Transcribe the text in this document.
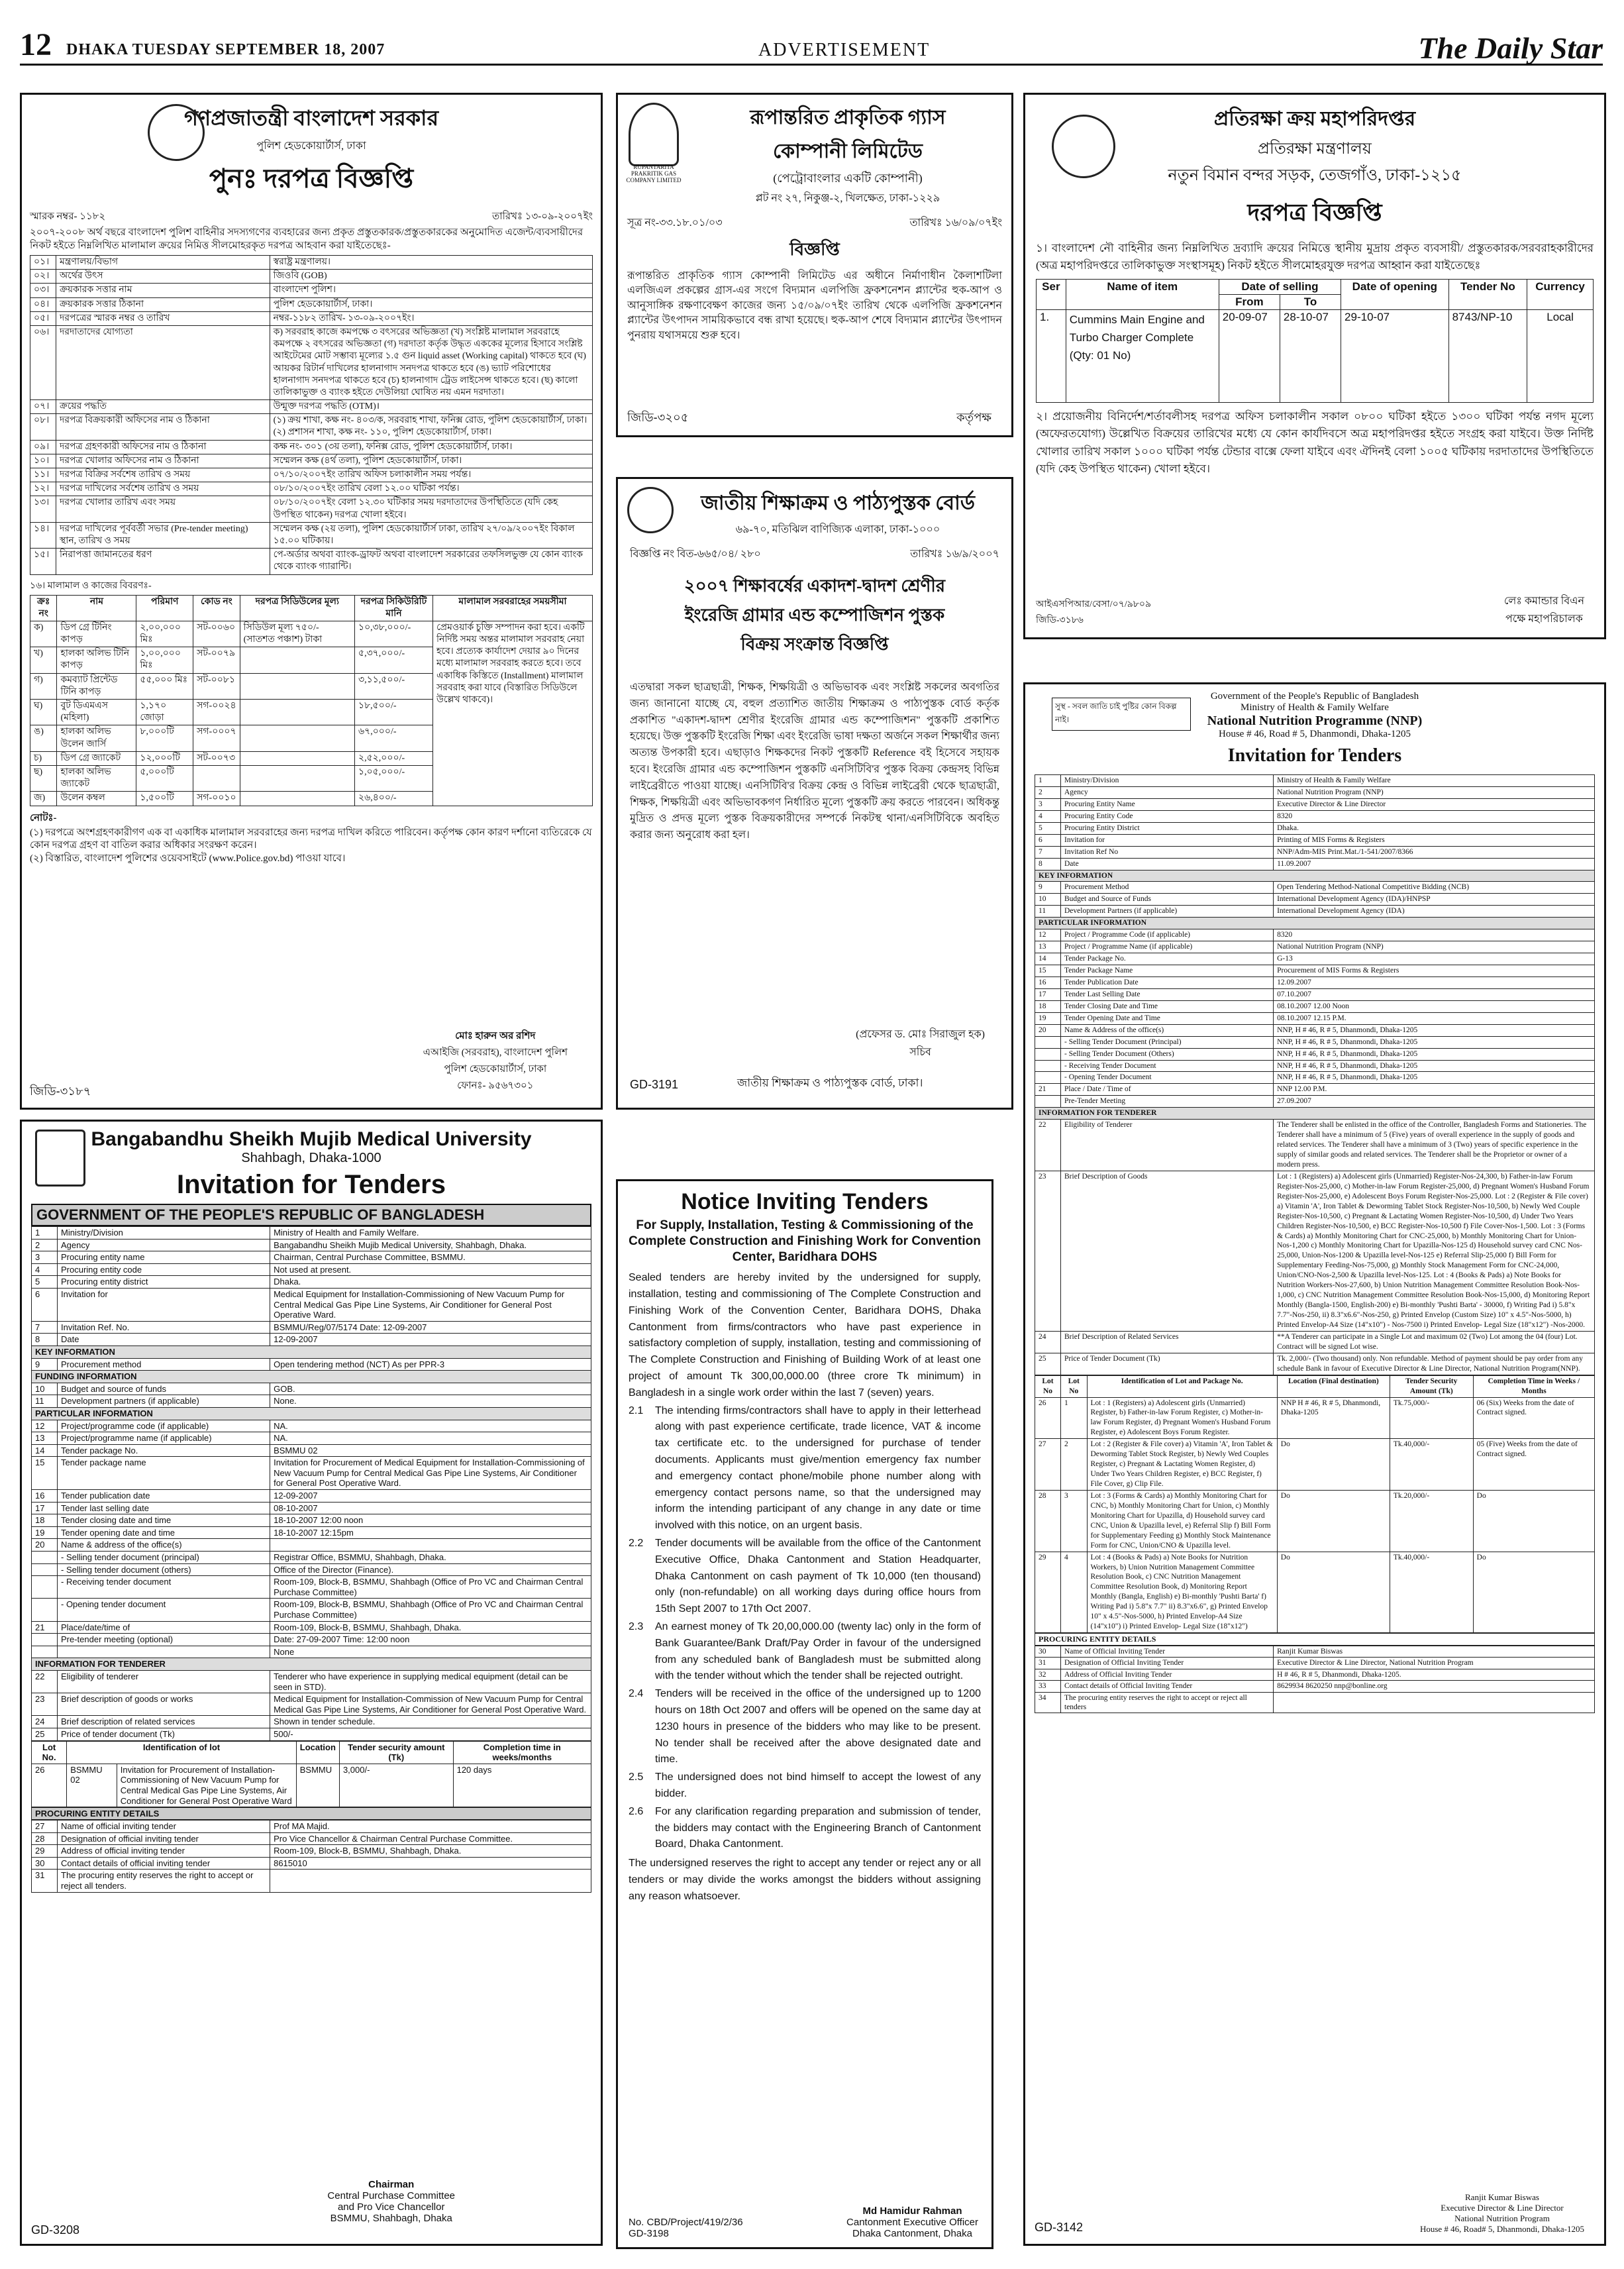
12 DHAKA TUESDAY SEPTEMBER 18, 2007	ADVERTISEMENT	The Daily Star
গণপ্রজাতন্ত্রী বাংলাদেশ সরকার
পুলিশ হেডকোয়ার্টার্স, ঢাকা
পুনঃ দরপত্র বিজ্ঞপ্তি
স্মারক নম্বর- ১১৮২	তারিখঃ ১৩-০৯-২০০৭ইং
২০০৭-২০০৮ অর্থ বছরে বাংলাদেশ পুলিশ বাহিনীর সদস্যগণের ব্যবহারের জন্য প্রকৃত প্রস্তুতকারক/প্রস্তুতকারকের অনুমোদিত এজেন্ট/ব্যবসায়ীদের নিকট হইতে নিম্নলিখিত মালামাল ক্রয়ের নিমিত্ত সীলমোহরকৃত দরপত্র আহবান করা যাইতেছেঃ-
০১।	মন্ত্রণালয়/বিভাগ	স্বরাষ্ট্র মন্ত্রণালয়।
০২।	অর্থের উৎস	জিওবি (GOB)
০৩।	ক্রয়কারক সত্তার নাম	বাংলাদেশ পুলিশ।
০৪।	ক্রয়কারক সত্তার ঠিকানা	পুলিশ হেডকোয়ার্টার্স, ঢাকা।
০৫।	দরপত্রের স্মারক নম্বর ও তারিখ	নম্বর-১১৮২ তারিখ- ১৩-০৯-২০০৭ইং।
০৬।	দরদাতাদের যোগ্যতা	ক) সরবরাহ কাজে কমপক্ষে ৩ বৎসরের অভিজ্ঞতা (খ) সংশ্লিষ্ট মালামাল সরবরাহে কমপক্ষে ২ বৎসরের অভিজ্ঞতা (গ) দরদাতা কর্তৃক উদ্ধৃত এককের মূল্যের হিসাবে সংশ্লিষ্ট আইটেমের মোট সম্ভাব্য মূল্যের ১.৫ গুন liquid asset (Working capital) থাকতে হবে (ঘ) আয়কর রিটার্ন দাখিলের হালনাগাদ সনদপত্র থাকতে হবে (ঙ) ভ্যাট পরিশোধের হালনাগাদ সনদপত্র থাকতে হবে (চ) হালনাগাদ ট্রেড লাইসেন্স থাকতে হবে। (ছ) কালো তালিকাভুক্ত ও ব্যাংক হইতে দেউলিয়া ঘোষিত নয় এমন দরদাতা।
০৭।	ক্রয়ের পদ্ধতি	উন্মুক্ত দরপত্র পদ্ধতি (OTM)।
০৮।	দরপত্র বিক্রয়কারী অফিসের নাম ও ঠিকানা	(১) ক্রয় শাখা, কক্ষ নং- ৪০৩/ক, সরবরাহ শাখা, ফনিক্স রোড, পুলিশ হেডকোয়ার্টার্স, ঢাকা। (২) প্রশাসন শাখা, কক্ষ নং- ১১০, পুলিশ হেডকোয়ার্টার্স, ঢাকা।
০৯।	দরপত্র গ্রহণকারী অফিসের নাম ও ঠিকানা	কক্ষ নং- ৩০১ (৩য় তলা), ফনিক্স রোড, পুলিশ হেডকোয়ার্টার্স, ঢাকা।
১০।	দরপত্র খোলার অফিসের নাম ও ঠিকানা	সম্মেলন কক্ষ (৪র্থ তলা), পুলিশ হেডকোয়ার্টার্স, ঢাকা।
১১।	দরপত্র বিক্রির সর্বশেষ তারিখ ও সময়	০৭/১০/২০০৭ইং তারিখ অফিস চলাকালীন সময় পর্যন্ত।
১২।	দরপত্র দাখিলের সর্বশেষ তারিখ ও সময়	০৮/১০/২০০৭ইং তারিখ বেলা ১২.০০ ঘটিকা পর্যন্ত।
১৩।	দরপত্র খোলার তারিখ এবং সময়	০৮/১০/২০০৭ইং বেলা ১২.৩০ ঘটিকার সময় দরদাতাদের উপস্থিতিতে (যদি কেহ উপস্থিত থাকেন) দরপত্র খোলা হইবে।
১৪।	দরপত্র দাখিলের পূর্ববর্তী সভার (Pre-tender meeting) স্থান, তারিখ ও সময়	সম্মেলন কক্ষ (২য় তলা), পুলিশ হেডকোয়ার্টার্স ঢাকা, তারিখ ২৭/০৯/২০০৭ইং বিকাল ১৫.০০ ঘটিকায়।
১৫।	নিরাপত্তা জামানতের ধরণ	পে-অর্ডার অথবা ব্যাংক-ড্রাফট অথবা বাংলাদেশ সরকারের তফসিলভুক্ত যে কোন ব্যাংক থেকে ব্যাংক গ্যারান্টি।
১৬। মালামাল ও কাজের বিবরণঃ-
ক্রঃ নং	নাম	পরিমাণ	কোড নং	দরপত্র সিডিউলের মূল্য	দরপত্র সিকিউরিটি মানি	মালামাল সরবরাহের সময়সীমা
ক)	ডিপ গ্রে টিনিং কাপড়	২,০০,০০০ মিঃ	সট-০০৬০	সিডিউল মূল্য ৭৫০/- (সাতশত পঞ্চাশ) টাকা	১০,৩৮,০০০/-	প্রেমওয়ার্ক চুক্তি সম্পাদন করা হবে। একটি নির্দিষ্ট সময় অন্তর মালামাল সরবরাহ নেয়া হবে। প্রত্যেক কার্যাদেশ দেয়ার ৯০ দিনের মধ্যে মালামাল সরবরাহ করতে হবে। তবে একাধিক কিস্তিতে (Installment) মালামাল সরবরাহ করা যাবে (বিস্তারিত সিডিউলে উল্লেখ থাকবে)।
খ)	হালকা অলিভ টিনি কাপড়	১,০০,০০০ মিঃ	সট-০০৭৯		৫,৩৭,০০০/-	
গ)	কমব্যাট প্রিন্টেড টিনি কাপড়	৫৫,০০০ মিঃ	সট-০০৮১		৩,১১,৫০০/-	
ঘ)	বুট ডিএমএস (মহিলা)	১,১৭০ জোড়া	সগ-০০২৪		১৮,৫০০/-	
ঙ)	হালকা অলিভ উলেন জার্সি	৮,০০০টি	সগ-০০০৭		৬৭,০০০/-	
চ)	ডিপ গ্রে জ্যাকেট	১২,০০০টি	সট-০০৭৩		২,৫২,০০০/-	
ছ)	হালকা অলিভ জ্যাকেট	৫,০০০টি			১,০৫,০০০/-	
জ)	উলেন কম্বল	১,৫০০টি	সগ-০০১০		২৬,৪০০/-	
নোটঃ-
(১) দরপত্রে অংশগ্রহণকারীগণ এক বা একাধিক মালামাল সরবরাহের জন্য দরপত্র দাখিল করিতে পারিবেন। কর্তৃপক্ষ কোন কারণ দর্শানো ব্যতিরেকে যে কোন দরপত্র গ্রহণ বা বাতিল করার অধিকার সংরক্ষণ করেন।
(২) বিস্তারিত, বাংলাদেশ পুলিশের ওয়েবসাইটে (www.Police.gov.bd) পাওয়া যাবে।
মোঃ হারুন অর রশিদ
এআইজি (সরবরাহ), বাংলাদেশ পুলিশ
পুলিশ হেডকোয়ার্টার্স, ঢাকা
ফোনঃ- ৯৫৬৭৩০১
জিডি-৩১৮৭
RUPANTARITA PRAKRITIK GAS COMPANY LIMITED
রূপান্তরিত প্রাকৃতিক গ্যাস
কোম্পানী লিমিটেড
(পেট্রোবাংলার একটি কোম্পানী)
প্লট নং ২৭, নিকুঞ্জ-২, খিলক্ষেত, ঢাকা-১২২৯
সূত্র নং-৩৩.১৮.০১/০৩	তারিখঃ ১৬/০৯/০৭ইং
বিজ্ঞপ্তি
রূপান্তরিত প্রাকৃতিক গ্যাস কোম্পানী লিমিটেড এর অধীনে নির্মাণাধীন কৈলাশটিলা এলজিএল প্রকল্পের গ্রাস-এর সংগে বিদ্যমান এলপিজি ফ্রকশনেশন প্ল্যান্টের হুক-আপ ও আনুসাঙ্গিক রক্ষণাবেক্ষণ কাজের জন্য ১৫/০৯/০৭ইং তারিখ থেকে এলপিজি ফ্রকশনেশন প্ল্যান্টের উৎপাদন সাময়িকভাবে বন্ধ রাখা হয়েছে। হুক-আপ শেষে বিদ্যমান প্ল্যান্টের উৎপাদন পুনরায় যথাসময়ে শুরু হবে।
জিডি-৩২০৫	কর্তৃপক্ষ
প্রতিরক্ষা ক্রয় মহাপরিদপ্তর
প্রতিরক্ষা মন্ত্রণালয়
নতুন বিমান বন্দর সড়ক, তেজগাঁও, ঢাকা-১২১৫
দরপত্র বিজ্ঞপ্তি
১। বাংলাদেশ নৌ বাহিনীর জন্য নিম্নলিখিত দ্রব্যাদি ক্রয়ের নিমিত্তে স্থানীয় মুদ্রায় প্রকৃত ব্যবসায়ী/ প্রস্তুতকারক/সরবরাহকারীদের (অত্র মহাপরিদপ্তরে তালিকাভুক্ত সংস্থাসমূহ) নিকট হইতে সীলমোহরযুক্ত দরপত্র আহ্বান করা যাইতেছেঃ
Ser	Name of item	Date of selling		Date of opening	Tender No	Currency
		From	To			
1.	Cummins Main Engine and Turbo Charger Complete (Qty: 01 No)	20-09-07	28-10-07	29-10-07	8743/NP-10	Local
২। প্রয়োজনীয় বিনির্দেশ/শর্তাবলীসহ দরপত্র অফিস চলাকালীন সকাল ০৮০০ ঘটিকা হইতে ১৩০০ ঘটিকা পর্যন্ত নগদ মূল্যে (অফেরতযোগ্য) উল্লেখিত বিক্রয়ের তারিখের মধ্যে যে কোন কার্যদিবসে অত্র মহাপরিদপ্তর হইতে সংগ্রহ করা যাইবে। উক্ত নির্দিষ্ট খোলার তারিখ সকাল ১০০০ ঘটিকা পর্যন্ত টেন্ডার বাক্সে ফেলা যাইবে এবং ঐদিনই বেলা ১০০৫ ঘটিকায় দরদাতাদের উপস্থিতিতে (যদি কেহ উপস্থিত থাকেন) খোলা হইবে।
আইএসপিআর/বেসা/০৭/৯৮০৯
জিডি-৩১৮৬
লেঃ কমান্ডার বিএন
পক্ষে মহাপরিচালক
জাতীয় শিক্ষাক্রম ও পাঠ্যপুস্তক বোর্ড
৬৯-৭০, মতিঝিল বাণিজ্যিক এলাকা, ঢাকা-১০০০
বিজ্ঞপ্তি নং বিত-৬৬৫/০৪/ ২৮০	তারিখঃ ১৬/৯/২০০৭
২০০৭ শিক্ষাবর্ষের একাদশ-দ্বাদশ শ্রেণীর
ইংরেজি গ্রামার এন্ড কম্পোজিশন পুস্তক
বিক্রয় সংক্রান্ত বিজ্ঞপ্তি
এতদ্বারা সকল ছাত্রছাত্রী, শিক্ষক, শিক্ষয়িত্রী ও অভিভাবক এবং সংশ্লিষ্ট সকলের অবগতির জন্য জানানো যাচ্ছে যে, বহুল প্রত্যাশিত জাতীয় শিক্ষাক্রম ও পাঠ্যপুস্তক বোর্ড কর্তৃক প্রকাশিত "একাদশ-দ্বাদশ শ্রেণীর ইংরেজি গ্রামার এন্ড কম্পোজিশন" পুস্তকটি প্রকাশিত হয়েছে। উক্ত পুস্তকটি ইংরেজি শিক্ষা এবং ইংরেজি ভাষা দক্ষতা অর্জনে সকল শিক্ষার্থীর জন্য অত্যন্ত উপকারী হবে। এছাড়াও শিক্ষকদের নিকট পুস্তকটি Reference বই হিসেবে সহায়ক হবে। ইংরেজি গ্রামার এন্ড কম্পোজিশন পুস্তকটি এনসিটিবি'র পুস্তক বিক্রয় কেন্দ্রসহ বিভিন্ন লাইব্রেরীতে পাওয়া যাচ্ছে। এনসিটিবি'র বিক্রয় কেন্দ্র ও বিভিন্ন লাইব্রেরী থেকে ছাত্রছাত্রী, শিক্ষক, শিক্ষয়িত্রী এবং অভিভাবকগণ নির্ধারিত মূল্যে পুস্তকটি ক্রয় করতে পারবেন। অধিকন্তু মুদ্রিত ও প্রদত্ত মূল্যে পুস্তক বিক্রয়কারীদের সম্পর্কে নিকটস্থ থানা/এনসিটিবিকে অবহিত করার জন্য অনুরোধ করা হল।
(প্রফেসর ড. মোঃ সিরাজুল হক)
সচিব
GD-3191	জাতীয় শিক্ষাক্রম ও পাঠ্যপুস্তক বোর্ড, ঢাকা।
Bangabandhu Sheikh Mujib Medical University
Shahbagh, Dhaka-1000
Invitation for Tenders
GOVERNMENT OF THE PEOPLE'S REPUBLIC OF BANGLADESH
1	Ministry/Division	Ministry of Health and Family Welfare.
2	Agency	Bangabandhu Sheikh Mujib Medical University, Shahbagh, Dhaka.
3	Procuring entity name	Chairman, Central Purchase Committee, BSMMU.
4	Procuring entity code	Not used at present.
5	Procuring entity district	Dhaka.
6	Invitation for	Medical Equipment for Installation-Commissioning of New Vacuum Pump for Central Medical Gas Pipe Line Systems, Air Conditioner for General Post Operative Ward.
7	Invitation Ref. No.	BSMMU/Reg/07/5174 Date: 12-09-2007
8	Date	12-09-2007
KEY INFORMATION		
9	Procurement method	Open tendering method (NCT) As per PPR-3
FUNDING INFORMATION		
10	Budget and source of funds	GOB.
11	Development partners (if applicable)	None.
PARTICULAR INFORMATION		
12	Project/programme code (if applicable)	NA.
13	Project/programme name (if applicable)	NA.
14	Tender package No.	BSMMU 02
15	Tender package name	Invitation for Procurement of Medical Equipment for Installation-Commissioning of New Vacuum Pump for Central Medical Gas Pipe Line Systems, Air Conditioner for General Post Operative Ward.
16	Tender publication date	12-09-2007
17	Tender last selling date	08-10-2007
18	Tender closing date and time	18-10-2007 12:00 noon
19	Tender opening date and time	18-10-2007 12:15pm
20	Name & address of the office(s)	
	- Selling tender document (principal)	Registrar Office, BSMMU, Shahbagh, Dhaka.
	- Selling tender document (others)	Office of the Director (Finance).
	- Receiving tender document	Room-109, Block-B, BSMMU, Shahbagh (Office of Pro VC and Chairman Central Purchase Committee)
	- Opening tender document	Room-109, Block-B, BSMMU, Shahbagh (Office of Pro VC and Chairman Central Purchase Committee)
21	Place/date/time of	Room-109, Block-B, BSMMU, Shahbagh, Dhaka.
	Pre-tender meeting (optional)	Date: 27-09-2007 Time: 12:00 noon
		None
INFORMATION FOR TENDERER		
22	Eligibility of tenderer	Tenderer who have experience in supplying medical equipment (detail can be seen in STD).
23	Brief description of goods or works	Medical Equipment for Installation-Commission of New Vacuum Pump for Central Medical Gas Pipe Line Systems, Air Conditioner for General Post Operative Ward.
24	Brief description of related services	Shown in tender schedule.
25	Price of tender document (Tk)	500/-
Lot No.	Identification of lot		Location	Tender security amount (Tk)	Completion time in weeks/months
26	BSMMU 02	Invitation for Procurement of Installation-Commissioning of New Vacuum Pump for Central Medical Gas Pipe Line Systems, Air Conditioner for General Post Operative Ward	BSMMU	3,000/-	120 days
PROCURING ENTITY DETAILS
27	Name of official inviting tender	Prof MA Majid.
28	Designation of official inviting tender	Pro Vice Chancellor & Chairman Central Purchase Committee.
29	Address of official inviting tender	Room-109, Block-B, BSMMU, Shahbagh, Dhaka.
30	Contact details of official inviting tender	8615010
31	The procuring entity reserves the right to accept or reject all tenders.	
Chairman
Central Purchase Committee
and Pro Vice Chancellor
BSMMU, Shahbagh, Dhaka
GD-3208
Notice Inviting Tenders
For Supply, Installation, Testing & Commissioning of the Complete Construction and Finishing Work for Convention Center, Baridhara DOHS
Sealed tenders are hereby invited by the undersigned for supply, installation, testing and commissioning of The Complete Construction and Finishing Work of the Convention Center, Baridhara DOHS, Dhaka Cantonment from firms/contractors who have past experience in satisfactory completion of supply, installation, testing and commissioning of The Complete Construction and Finishing of Building Work of at least one project of amount Tk 300,00,000.00 (three crore Tk minimum) in Bangladesh in a single work order within the last 7 (seven) years.
2.1	The intending firms/contractors shall have to apply in their letterhead along with past experience certificate, trade licence, VAT & income tax certificate etc. to the undersigned for purchase of tender documents. Applicants must give/mention emergency fax number and emergency contact phone/mobile phone number along with emergency contact persons name, so that the undersigned may inform the intending participant of any change in any date or time involved with this notice, on an urgent basis.
2.2	Tender documents will be available from the office of the Cantonment Executive Office, Dhaka Cantonment and Station Headquarter, Dhaka Cantonment on cash payment of Tk 10,000 (ten thousand) only (non-refundable) on all working days during office hours from 15th Sept 2007 to 17th Oct 2007.
2.3	An earnest money of Tk 20,00,000.00 (twenty lac) only in the form of Bank Guarantee/Bank Draft/Pay Order in favour of the undersigned from any scheduled bank of Bangladesh must be submitted along with the tender without which the tender shall be rejected outright.
2.4	Tenders will be received in the office of the undersigned up to 1200 hours on 18th Oct 2007 and offers will be opened on the same day at 1230 hours in presence of the bidders who may like to be present. No tender shall be received after the above designated date and time.
2.5	The undersigned does not bind himself to accept the lowest of any bidder.
2.6	For any clarification regarding preparation and submission of tender, the bidders may contact with the Engineering Branch of Cantonment Board, Dhaka Cantonment.
The undersigned reserves the right to accept any tender or reject any or all tenders or may divide the works amongst the bidders without assigning any reason whatsoever.
No. CBD/Project/419/2/36
GD-3198
Md Hamidur Rahman
Cantonment Executive Officer
Dhaka Cantonment, Dhaka
সুস্থ - সবল জাতি চাই পুষ্টির কোন বিকল্প নাই।
Government of the People's Republic of Bangladesh
Ministry of Health & Family Welfare
National Nutrition Programme (NNP)
House # 46, Road # 5, Dhanmondi, Dhaka-1205
Invitation for Tenders
1	Ministry/Division	Ministry of Health & Family Welfare
2	Agency	National Nutrition Program (NNP)
3	Procuring Entity Name	Executive Director & Line Director
4	Procuring Entity Code	8320
5	Procuring Entity District	Dhaka.
6	Invitation for	Printing of MIS Forms & Registers
7	Invitation Ref No	NNP/Adm-MIS Print.Mat./1-541/2007/8366
8	Date	11.09.2007
KEY INFORMATION		
9	Procurement Method	Open Tendering Method-National Competitive Bidding (NCB)
10	Budget and Source of Funds	International Development Agency (IDA)/HNPSP
11	Development Partners (if applicable)	International Development Agency (IDA)
PARTICULAR INFORMATION		
12	Project / Programme Code (if applicable)	8320
13	Project / Programme Name (if applicable)	National Nutrition Program (NNP)
14	Tender Package No.	G-13
15	Tender Package Name	Procurement of MIS Forms & Registers
16	Tender Publication Date	12.09.2007
17	Tender Last Selling Date	07.10.2007
18	Tender Closing Date and Time	08.10.2007 12.00 Noon
19	Tender Opening Date and Time	08.10.2007 12.15 P.M.
20	Name & Address of the office(s)	NNP, H # 46, R # 5, Dhanmondi, Dhaka-1205
	- Selling Tender Document (Principal)	NNP, H # 46, R # 5, Dhanmondi, Dhaka-1205
	- Selling Tender Document (Others)	NNP, H # 46, R # 5, Dhanmondi, Dhaka-1205
	- Receiving Tender Document	NNP, H # 46, R # 5, Dhanmondi, Dhaka-1205
	- Opening Tender Document	NNP, H # 46, R # 5, Dhanmondi, Dhaka-1205
21	Place / Date / Time of	NNP 12.00 P.M.
	Pre-Tender Meeting	27.09.2007
INFORMATION FOR TENDERER		
22	Eligibility of Tenderer	The Tenderer shall be enlisted in the office of the Controller, Bangladesh Forms and Stationeries. The Tenderer shall have a minimum of 5 (Five) years of overall experience in the supply of goods and related services. The Tenderer shall have a minimum of 3 (Two) years of specific experience in the supply of similar goods and related services. The Tenderer shall be the Proprietor or owner of a modern press.
23	Brief Description of Goods	Lot : 1 (Registers) a) Adolescent girls (Unmarried) Register-Nos-24,300, b) Father-in-law Forum Register-Nos-25,000, c) Mother-in-law Forum Register-25,000, d) Pregnant Women's Husband Forum Register-Nos-25,000, e) Adolescent Boys Forum Register-Nos-25,000. Lot : 2 (Register & File cover) a) Vitamin 'A', Iron Tablet & Deworming Tablet Stock Register-Nos-10,500, b) Newly Wed Couple Register-Nos-10,500, c) Pregnant & Lactating Women Register-Nos-10,500, d) Under Two Years Children Register-Nos-10,500, e) BCC Register-Nos-10,500 f) File Cover-Nos-1,500. Lot : 3 (Forms & Cards) a) Monthly Monitoring Chart for CNC-25,000, b) Monthly Monitoring Chart for Union-Nos-1,200 c) Monthly Monitoring Chart for Upazilla-Nos-125 d) Household survey card CNC Nos-25,000, Union-Nos-1200 & Upazilla level-Nos-125 e) Referral Slip-25,000 f) Bill Form for Supplementary Feeding-Nos-75,000, g) Monthly Stock Management Form for CNC-24,000, Union/CNO-Nos-2,500 & Upazilla level-Nos-125. Lot : 4 (Books & Pads) a) Note Books for Nutrition Workers-Nos-27,600, b) Union Nutrition Management Committee Resolution Book-Nos-1,000, c) CNC Nutrition Management Committee Resolution Book-Nos-15,000, d) Monitoring Report Monthly (Bangla-1500, English-200) e) Bi-monthly 'Pushti Barta' - 30000, f) Writing Pad i) 5.8"x 7.7"-Nos-250, ii) 8.3"x6.6"-Nos-250, g) Printed Envelop (Custom Size) 10" x 4.5"-Nos-5000, h) Printed Envelop-A4 Size (14"x10") - Nos-7500 i) Printed Envelop- Legal Size (18"x12") -Nos-2000.
24	Brief Description of Related Services	**A Tenderer can participate in a Single Lot and maximum 02 (Two) Lot among the 04 (four) Lot. Contract will be signed Lot wise.
25	Price of Tender Document (Tk)	Tk. 2,000/- (Two thousand) only. Non refundable. Method of payment should be pay order from any schedule Bank in favour of Executive Director & Line Director, National Nutrition Program(NNP).
Lot No	Lot No	Identification of Lot and Package No.	Location (Final destination)	Tender Security Amount (Tk)	Completion Time in Weeks / Months
26	1	Lot : 1 (Registers) a) Adolescent girls (Unmarried) Register, b) Father-in-law Forum Register, c) Mother-in-law Forum Register, d) Pregnant Women's Husband Forum Register, e) Adolescent Boys Forum Register.	NNP H # 46, R # 5, Dhanmondi, Dhaka-1205	Tk.75,000/-	06 (Six) Weeks from the date of Contract signed.
27	2	Lot : 2 (Register & File cover) a) Vitamin 'A', Iron Tablet & Deworming Tablet Stock Register, b) Newly Wed Couples Register, c) Pregnant & Lactating Women Register, d) Under Two Years Children Register, e) BCC Register, f) File Cover, g) Clip File.	Do	Tk.40,000/-	05 (Five) Weeks from the date of Contract signed.
28	3	Lot : 3 (Forms & Cards) a) Monthly Monitoring Chart for CNC, b) Monthly Monitoring Chart for Union, c) Monthly Monitoring Chart for Upazilla, d) Household survey card CNC, Union & Upazilla level, e) Referral Slip f) Bill Form for Supplementary Feeding g) Monthly Stock Maintenance Form for CNC, Union/CNO & Upazilla level.	Do	Tk.20,000/-	Do
29	4	Lot : 4 (Books & Pads) a) Note Books for Nutrition Workers, b) Union Nutrition Management Committee Resolution Book, c) CNC Nutrition Management Committee Resolution Book, d) Monitoring Report Monthly (Bangla, English) e) Bi-monthly 'Pushti Barta' f) Writing Pad i) 5.8"x 7.7" ii) 8.3"x6.6", g) Printed Envelop 10" x 4.5"-Nos-5000, h) Printed Envelop-A4 Size (14"x10") i) Printed Envelop- Legal Size (18"x12")	Do	Tk.40,000/-	Do
PROCURING ENTITY DETAILS
30	Name of Official Inviting Tender	Ranjit Kumar Biswas
31	Designation of Official Inviting Tender	Executive Director & Line Director, National Nutrition Program
32	Address of Official Inviting Tender	H # 46, R # 5, Dhanmondi, Dhaka-1205.
33	Contact details of Official Inviting Tender	8629934 8620250 nnp@bonline.org
34	The procuring entity reserves the right to accept or reject all tenders	
Ranjit Kumar Biswas
Executive Director & Line Director
National Nutrition Program
House # 46, Road# 5, Dhanmondi, Dhaka-1205
GD-3142
